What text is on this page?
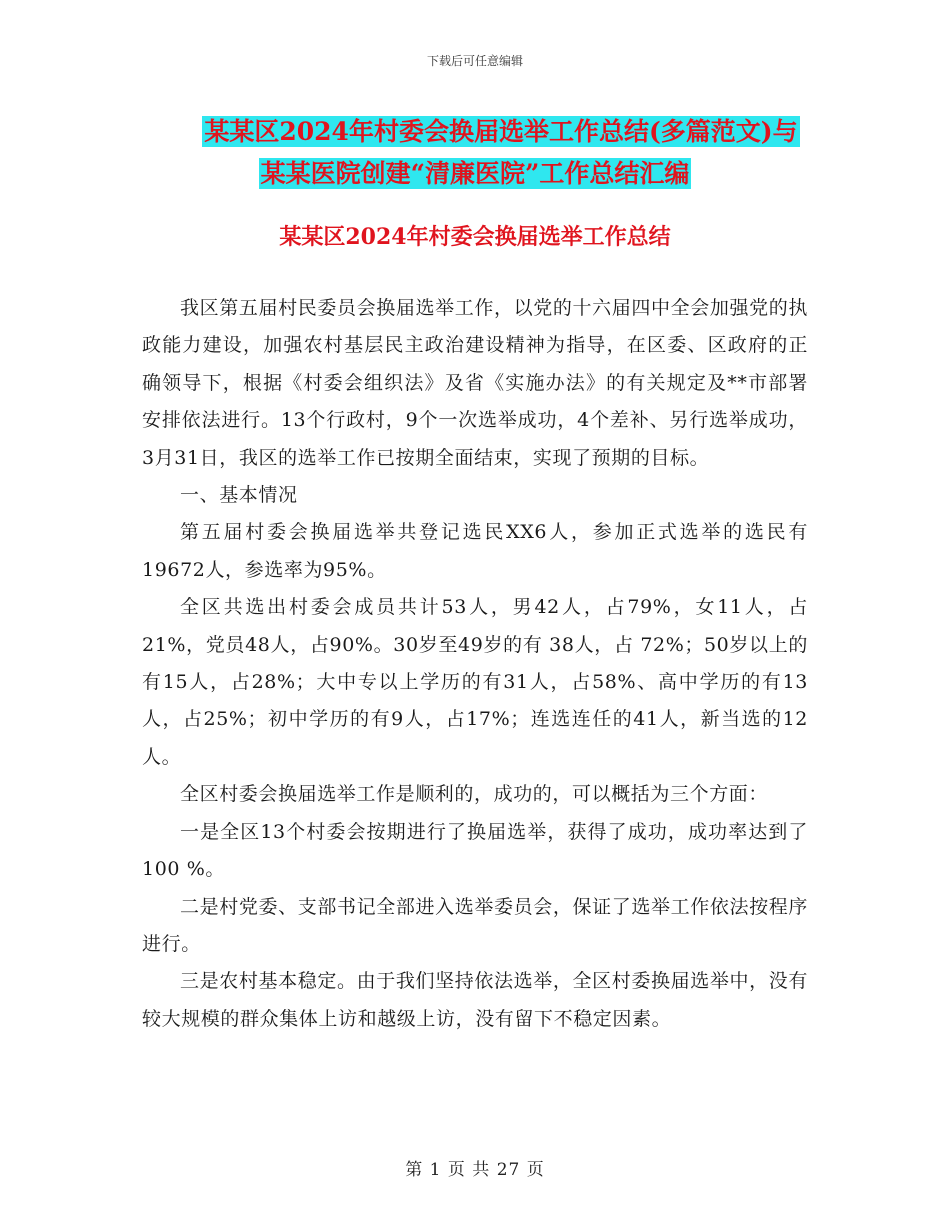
下载后可任意编辑
某某区2024年村委会换届选举工作总结(多篇范文)与
某某医院创建“清廉医院”工作总结汇编
某某区2024年村委会换届选举工作总结

我区第五届村民委员会换届选举工作，以党的十六届四中全会加强党的执政能力建设，加强农村基层民主政治建设精神为指导，在区委、区政府的正确领导下，根据《村委会组织法》及省《实施办法》的有关规定及**市部署安排依法进行。13个行政村，9个一次选举成功，4个差补、另行选举成功，3月31日，我区的选举工作已按期全面结束，实现了预期的目标。

一、基本情况

第五届村委会换届选举共登记选民XX6人，参加正式选举的选民有19672人，参选率为95%。

全区共选出村委会成员共计53人，男42人，占79%，女11人，占21%，党员48人，占90%。30岁至49岁的有 38人，占 72%；50岁以上的有15人，占28%；大中专以上学历的有31人，占58%、高中学历的有13人，占25%；初中学历的有9人，占17%；连选连任的41人，新当选的12人。

全区村委会换届选举工作是顺利的，成功的，可以概括为三个方面：

一是全区13个村委会按期进行了换届选举，获得了成功，成功率达到了 100 %。

二是村党委、支部书记全部进入选举委员会，保证了选举工作依法按程序进行。

三是农村基本稳定。由于我们坚持依法选举，全区村委换届选举中，没有较大规模的群众集体上访和越级上访，没有留下不稳定因素。

第 1 页 共 27 页
